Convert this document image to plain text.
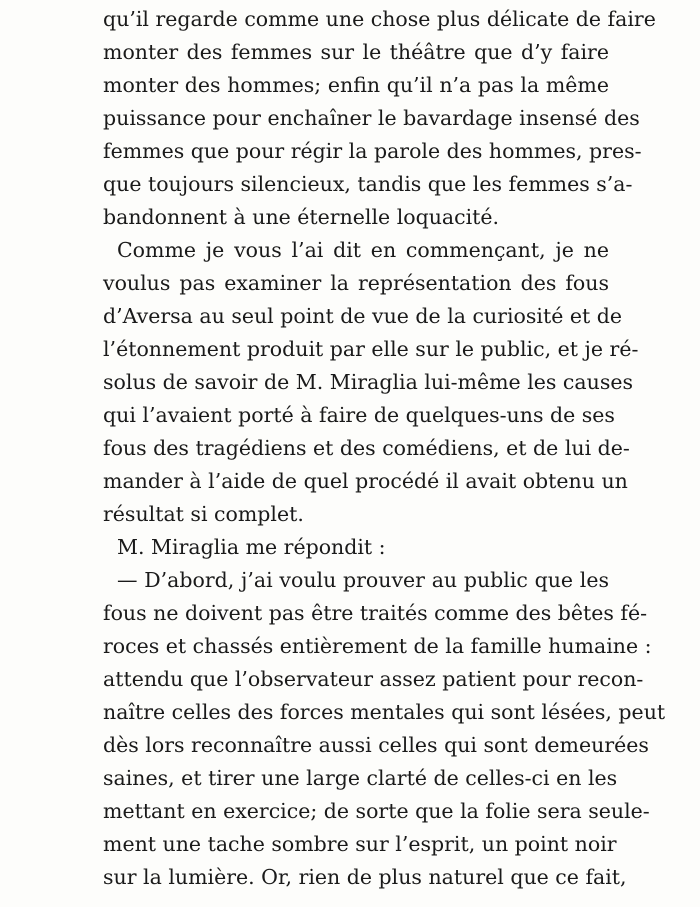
qu’il regarde comme une chose plus délicate de faire
monter des femmes sur le théâtre que d’y faire
monter des hommes; enfin qu’il n’a pas la même
puissance pour enchaîner le bavardage insensé des
femmes que pour régir la parole des hommes, pres-
que toujours silencieux, tandis que les femmes s’a-
bandonnent à une éternelle loquacité.
Comme je vous l’ai dit en commençant, je ne
voulus pas examiner la représentation des fous
d’Aversa au seul point de vue de la curiosité et de
l’étonnement produit par elle sur le public, et je ré-
solus de savoir de M. Miraglia lui-même les causes
qui l’avaient porté à faire de quelques-uns de ses
fous des tragédiens et des comédiens, et de lui de-
mander à l’aide de quel procédé il avait obtenu un
résultat si complet.
M. Miraglia me répondit :
— D’abord, j’ai voulu prouver au public que les
fous ne doivent pas être traités comme des bêtes fé-
roces et chassés entièrement de la famille humaine :
attendu que l’observateur assez patient pour recon-
naître celles des forces mentales qui sont lésées, peut
dès lors reconnaître aussi celles qui sont demeurées
saines, et tirer une large clarté de celles-ci en les
mettant en exercice; de sorte que la folie sera seule-
ment une tache sombre sur l’esprit, un point noir
sur la lumière. Or, rien de plus naturel que ce fait,
